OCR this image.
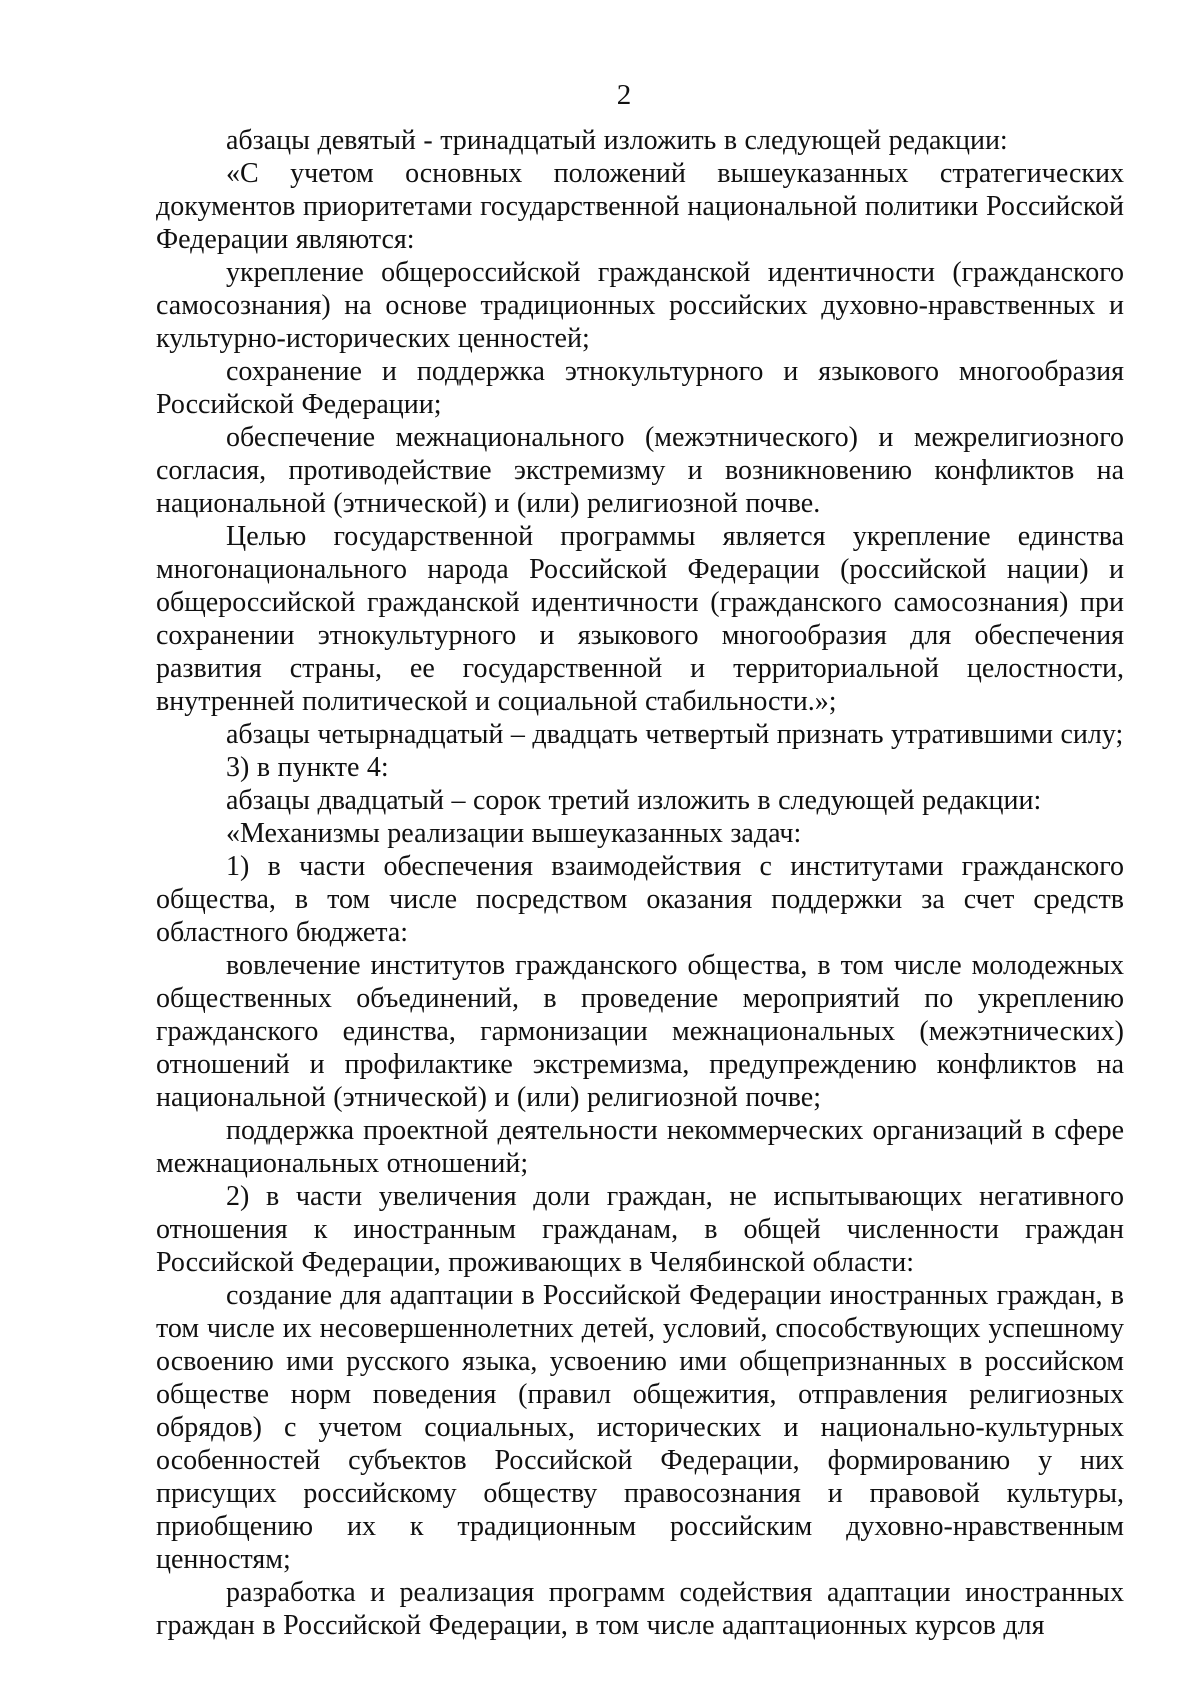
2

абзацы девятый - тринадцатый изложить в следующей редакции:

«С учетом основных положений вышеуказанных стратегических документов приоритетами государственной национальной политики Российской Федерации являются:

укрепление общероссийской гражданской идентичности (гражданского самосознания) на основе традиционных российских духовно-нравственных и культурно-исторических ценностей;

сохранение и поддержка этнокультурного и языкового многообразия Российской Федерации;

обеспечение межнационального (межэтнического) и межрелигиозного согласия, противодействие экстремизму и возникновению конфликтов на национальной (этнической) и (или) религиозной почве.

Целью государственной программы является укрепление единства многонационального народа Российской Федерации (российской нации) и общероссийской гражданской идентичности (гражданского самосознания) при сохранении этнокультурного и языкового многообразия для обеспечения развития страны, ее государственной и территориальной целостности, внутренней политической и социальной стабильности.»;

абзацы четырнадцатый – двадцать четвертый признать утратившими силу;

3) в пункте 4:

абзацы двадцатый – сорок третий изложить в следующей редакции:

«Механизмы реализации вышеуказанных задач:

1) в части обеспечения взаимодействия с институтами гражданского общества, в том числе посредством оказания поддержки за счет средств областного бюджета:

вовлечение институтов гражданского общества, в том числе молодежных общественных объединений, в проведение мероприятий по укреплению гражданского единства, гармонизации межнациональных (межэтнических) отношений и профилактике экстремизма, предупреждению конфликтов на национальной (этнической) и (или) религиозной почве;

поддержка проектной деятельности некоммерческих организаций в сфере межнациональных отношений;

2) в части увеличения доли граждан, не испытывающих негативного отношения к иностранным гражданам, в общей численности граждан Российской Федерации, проживающих в Челябинской области:

создание для адаптации в Российской Федерации иностранных граждан, в том числе их несовершеннолетних детей, условий, способствующих успешному освоению ими русского языка, усвоению ими общепризнанных в российском обществе норм поведения (правил общежития, отправления религиозных обрядов) с учетом социальных, исторических и национально-культурных особенностей субъектов Российской Федерации, формированию у них присущих российскому обществу правосознания и правовой культуры, приобщению их к традиционным российским духовно-нравственным ценностям;

разработка и реализация программ содействия адаптации иностранных граждан в Российской Федерации, в том числе адаптационных курсов для
